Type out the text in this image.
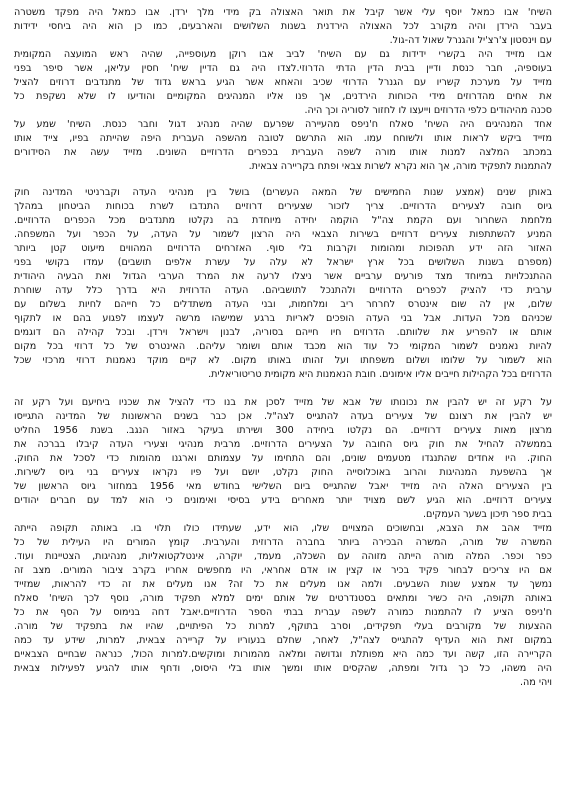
השיח' אבו כמאל יוסף עלי אשר קיבל את תואר האצולה בק מידי מלך ירדן. אבו כמאל היה מפקד משטרה
בעבר הירדן והיה מקורב לכל האצולה הירדנית בשנות השלושים והארבעים, כמו כן הוא היה ביחסי ידידות
עם וינסטון צ'רצ'יל והגנרל שאול דה-גול.
אבו מזייד היה בקשרי ידידות גם עם השיח' לביב אבו רוקן מעוספייה, שהיה ראש המועצה המקומית
בעוספיה, חבר כנסת ודיין בבית הדין הדתי הדרוזי.לצדו היה גם הדיין שיח' חסין עליאן, אשר סיפר בפני
מזייד על מערכת קשריו עם הגנרל הדרוזי שכיב והאחא אשר הגיע בראש גדוד של מתנדבים דרוזים להציל
את אחים מהדרוזים מידי הכוחות הירדנים, אך פנו אליו המנהיגים המקומיים והודיעו לו שלא נשקפת כל
סכנה מהיהודים כלפי הדרוזים וייעצו לו לחזור לסוריה וכך היה.
אחד המנהיגים היה השיח' סאלח ח'ניפס מהעיירה שפרעם שהיה מנהיג דגול וחבר כנסת. השיח' שמע על
מזייד ביקש לראות אותו ולשוחח עמו. הוא התרשם לטובה מהשפה העברית היפה שהייתה בפיו, צייד אותו
במכתב המלצה למנות אותו מורה לשפה העברית בכפרים הדרוזיים השונים. מזייד עשה את הסידורים
להתמנות לתפקיד מורה, אך הוא נקרא לשרות צבאי ופתח בקריירה צבאית.
באותן שנים (אמצע שנות החמישים של המאה העשרים) בושל בין מנהיגי העדה וקברניטי המדינה חוק
גיוס חובה לצעירים הדרוזיים. צריך לזכור שצעירים דרוזיים התנדבו לשרת בכוחות הביטחון במהלך
מלחמת השחרור ועם הקמת צה"ל הוקמה יחידה מיוחדת בה נקלטו מתנדבים מכל הכפרים הדרוזיים.
המניע להשתתפות צעירים דרוזיים בשירות הצבאי היה הרצון לשמור על העדה, על הכפר ועל המשפחה.
האזור הזה ידע תהפוכות ומהומות וקרבות בלי סוף. האזרחים הדרוזיים המהווים מיעוט קטן ביותר
(מספרם בשנות השלושים בכל ארץ ישראל לא עלה על עשרת אלפים תושבים) עמדו בקושי בפני
ההתנכלויות במיוחד מצד פורעים ערביים אשר ניצלו לרעה את המרד הערבי הגדול ואת הבעיה היהודית
ערבית כדי להציק לכפרים הדרוזיים ולהתנכל לתושביהם. העדה הדרוזית היא בדרך כלל עדה שוחרת
שלום, אין לה שום אינטרס לחרחר ריב ומלחמות, ובני העדה משתדלים כל חייהם לחיות בשלום עם
שכניהם מכל העדות. אבל בני העדה הופכים לאריות ברגע שמישהו מרשה לעצמו לפגוע בהם או לתקוף
אותם או להפריע את שלוותם. הדרוזים חיו חייהם בסוריה, לבנון וישראל וירדן. ובכל קהילה הם דוגמים
להיות נאמנים לשמור המקומי כל עוד הוא מכבד אותם ושומר עליהם. האינטרס של כל דרוזי בכל מקום
הוא לשמור על שלומו ושלום משפחתו ועל זהותו באותו מקום. לא קיים מוקד נאמנות דרוזי מרכזי שכל
הדרוזים בכל הקהילות חייבים אליו אימונים. חובת הנאמנות היא מקומית טריטוריאלית.
על רקע זה יש להבין את נכונותו של אבא של מזייד לסכן את בנו כדי להציל את שכניו ביחיעם ועל רקע זה
יש להבין את רצונם של צעירים בעדה להתגייס לצה"ל. אכן כבר בשנים הראשונות של המדינה התגייסו
מרצון מאות צעירים דרוזיים. הם נקלטו ביחידה 300 ושירתו בעיקר באזור הנגב. בשנת 1956 החליט
בממשלה להחיל את חוק גיוס החובה על הצעירים הדרוזיים. מרבית מנהיגי וצעירי העדה קיבלו בברכה את
החוק. היו אחדים שהתנגדו מטעמים שונים, והם התחימו על עצמותם וארגנו מהומות כדי לסכל את החוק.
אך בהשפעת המנהיגות והרוב באוכלוסייה החוק נקלט, יושם ועל פיו נקראו צעירים בני גיוס לשירות.
בין הצעירים האלה היה מזייד יאבל שהתגייס ביום השלישי בחודש מאי 1956 במחזור גיוס הראשון של
צעירים דרוזיים. הוא הגיע לשם מצויד יותר מאחרים בידע בסיסי ואימונים כי הוא למד עם חברים יהודים
בבית ספר תיכון בשער העמקים.
מזייד אהב את הצבא, ובחשוכים המצויים שלו, הוא ידע, שעתידו כולו תלוי בו. באותה תקופה הייתה
המשרה של מורה, המשרה הבכירה ביותר בחברה הדרוזית והערבית. קומץ המורים היו העילית של כל
כפר וכפר. המלה מורה הייתה מזוהה עם השכלה, מעמד, יוקרה, אינטלקטואליות, מנהיגות, הצטיינות ועוד.
אם היו צריכים לבחור פקיד בכיר או קצין או אדם אחראי, היו מחפשים אחריו בקרב ציבור המורים. מצב זה
נמשך עד אמצע שנות השבעים. ולמה אנו מעלים את כל זה? אנו מעלים את זה כדי להראות, שמזייד
באותה תקופה, היה כשיר ומתאים בסטנדרטים של אותם ימים למלא תפקיד מורה, נוסף לכך השיח' סאלח
ח'ניפס הציע לו להתמנות כמורה לשפה עברית בבתי הספר הדרוזיים.יאבל דחה בנימוס על הסף את כל
ההצעות של מקורבים בעלי תפקידים, וסרב בתוקף, למרות כל הפיתויים, שהיו את בתפקיד של מורה.
במקום זאת הוא העדיף להתגייס לצה"ל, לאחר, שחלם בנעוריו על קריירה צבאית, למרות, שידע עד כמה
הקריירה הזו, קשה ועד כמה היא מפותלת וגדושה ומלאה מהמורות ומוקשים.למרות הכול, כנראה שבחיים הצבאיים
היה משהו, כל כך גדול ומפתה, שהקסים אותו ומשך אותו בלי היסוס, ודחף אותו להגיע לפעילות צבאית
ויהי מה.
